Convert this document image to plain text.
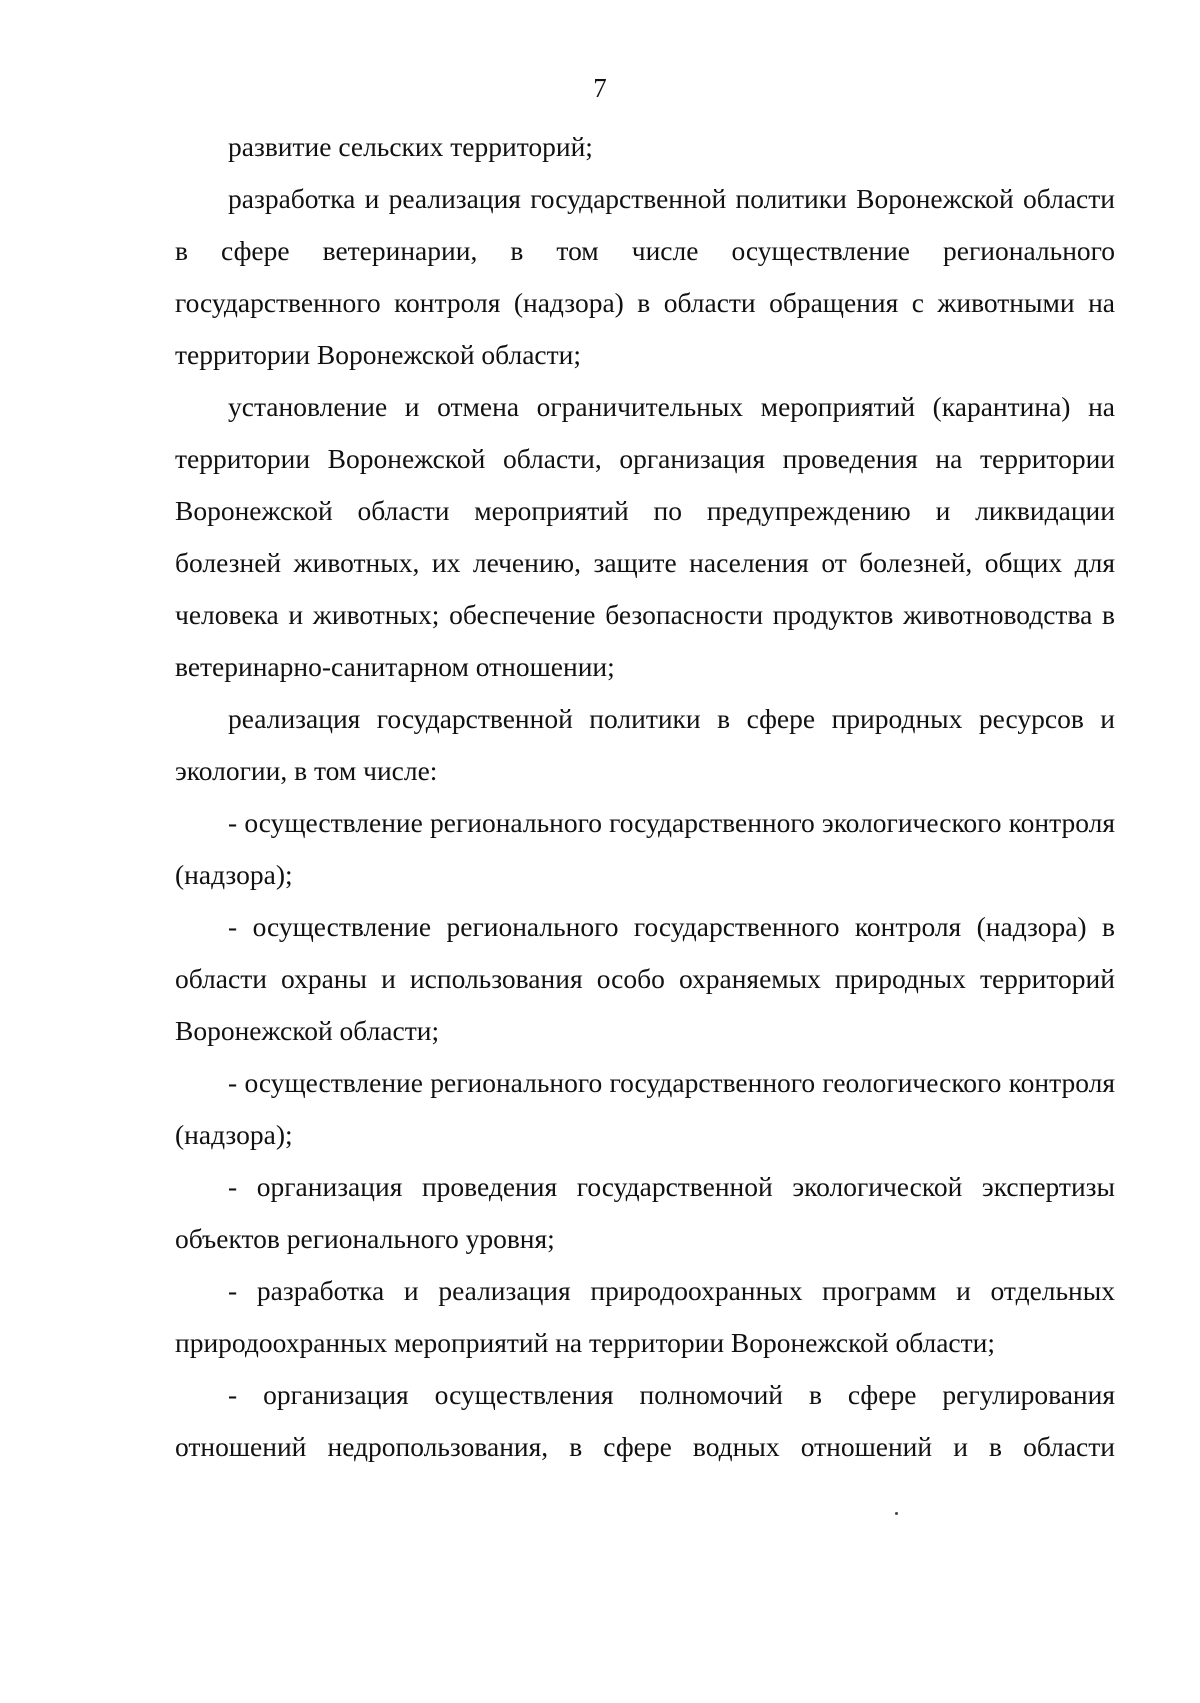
7

развитие сельских территорий;

разработка и реализация государственной политики Воронежской области в сфере ветеринарии, в том числе осуществление регионального государственного контроля (надзора) в области обращения с животными на территории Воронежской области;

установление и отмена ограничительных мероприятий (карантина) на территории Воронежской области, организация проведения на территории Воронежской области мероприятий по предупреждению и ликвидации болезней животных, их лечению, защите населения от болезней, общих для человека и животных; обеспечение безопасности продуктов животноводства в ветеринарно-санитарном отношении;

реализация государственной политики в сфере природных ресурсов и экологии, в том числе:

- осуществление регионального государственного экологического контроля (надзора);

- осуществление регионального государственного контроля (надзора) в области охраны и использования особо охраняемых природных территорий Воронежской области;

- осуществление регионального государственного геологического контроля (надзора);

- организация проведения государственной экологической экспертизы объектов регионального уровня;

- разработка и реализация природоохранных программ и отдельных природоохранных мероприятий на территории Воронежской области;

- организация осуществления полномочий в сфере регулирования отношений недропользования, в сфере водных отношений и в области
